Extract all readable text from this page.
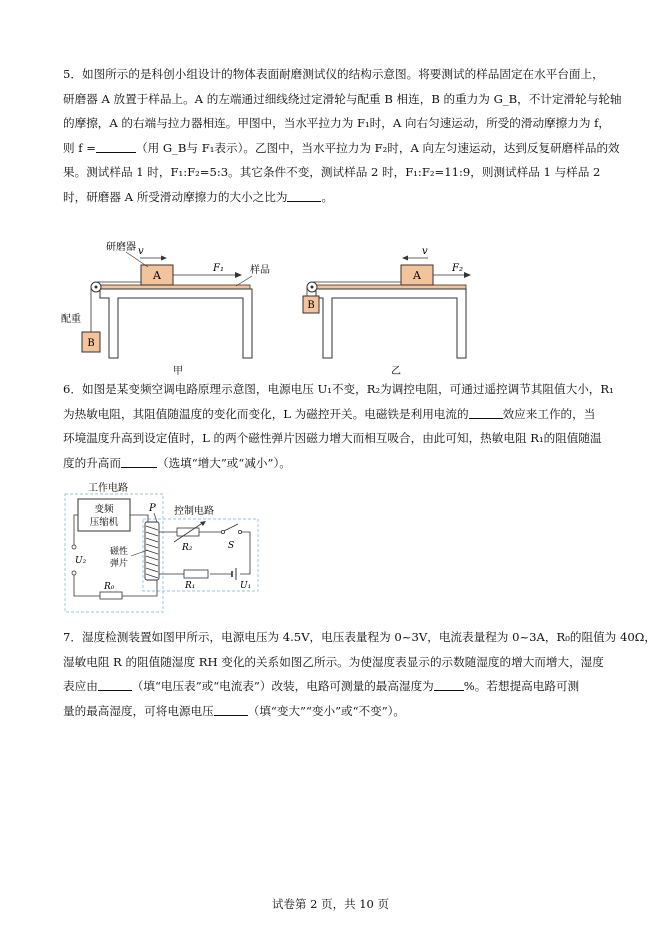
5．如图所示的是科创小组设计的物体表面耐磨测试仪的结构示意图。将要测试的样品固定在水平台面上，

研磨器 A 放置于样品上。A 的左端通过细线绕过定滑轮与配重 B 相连，B 的重力为 G_B，不计定滑轮与轮轴

的摩擦，A 的右端与拉力器相连。甲图中，当水平拉力为 F₁时，A 向右匀速运动，所受的滑动摩擦力为 f，

则 f =	（用 G_B与 F₁表示）。乙图中，当水平拉力为 F₂时，A 向左匀速运动，达到反复研磨样品的效

果。测试样品 1 时，F₁:F₂=5:3。其它条件不变，测试样品 2 时，F₁:F₂=11:9，则测试样品 1 与样品 2

时，研磨器 A 所受滑动摩擦力的大小之比为	。

A
F₁
v
研磨器
样品
B
配重
甲
A
F₂
v
B
乙

6．如图是某变频空调电路原理示意图，电源电压 U₁不变，R₂为调控电阻，可通过遥控调节其阻值大小，R₁

为热敏电阻，其阻值随温度的变化而变化，L 为磁控开关。电磁铁是利用电流的	效应来工作的，当

环境温度升高到设定值时，L 的两个磁性弹片因磁力增大而相互吸合，由此可知，热敏电阻 R₁的阻值随温

度的升高而	（选填“增大”或“减小”）。

工作电路
变频
压缩机
U₂
R₀
P
磁性
弹片
控制电路
R₂	S
U₁
R₁

7．湿度检测装置如图甲所示，电源电压为 4.5V，电压表量程为 0~3V，电流表量程为 0~3A，R₀的阻值为 40Ω，

湿敏电阻 R 的阻值随湿度 RH 变化的关系如图乙所示。为使湿度表显示的示数随湿度的增大而增大，湿度

表应由	（填“电压表”或“电流表”）改装，电路可测量的最高湿度为	%。若想提高电路可测

量的最高湿度，可将电源电压	（填“变大”“变小”或“不变”）。

试卷第 2 页，共 10 页
